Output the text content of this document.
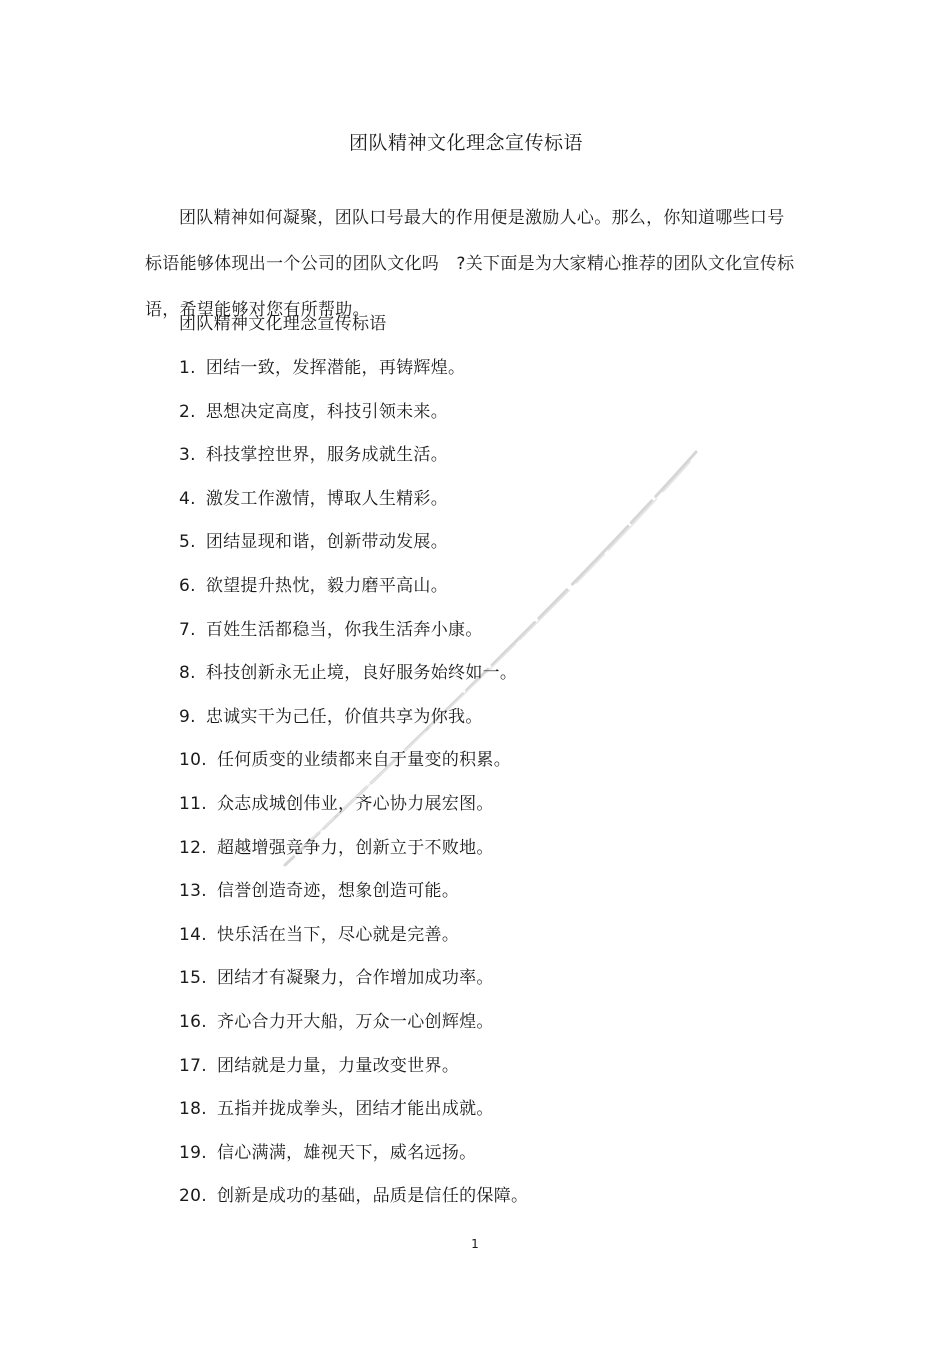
团队精神文化理念宣传标语

团队精神如何凝聚，团队口号最大的作用便是激励人心。那么，你知道哪些口号标语能够体现出一个公司的团队文化吗　?关下面是为大家精心推荐的团队文化宣传标语，希望能够对您有所帮助。

团队精神文化理念宣传标语
1. 团结一致，发挥潜能，再铸辉煌。
2. 思想决定高度，科技引领未来。
3. 科技掌控世界，服务成就生活。
4. 激发工作激情，博取人生精彩。
5. 团结显现和谐，创新带动发展。
6. 欲望提升热忱，毅力磨平高山。
7. 百姓生活都稳当，你我生活奔小康。
8. 科技创新永无止境，良好服务始终如一。
9. 忠诚实干为己任，价值共享为你我。
10. 任何质变的业绩都来自于量变的积累。
11. 众志成城创伟业，齐心协力展宏图。
12. 超越增强竞争力，创新立于不败地。
13. 信誉创造奇迹，想象创造可能。
14. 快乐活在当下，尽心就是完善。
15. 团结才有凝聚力，合作增加成功率。
16. 齐心合力开大船，万众一心创辉煌。
17. 团结就是力量，力量改变世界。
18. 五指并拢成拳头，团结才能出成就。
19. 信心满满，雄视天下，威名远扬。
20. 创新是成功的基础，品质是信任的保障。
1
